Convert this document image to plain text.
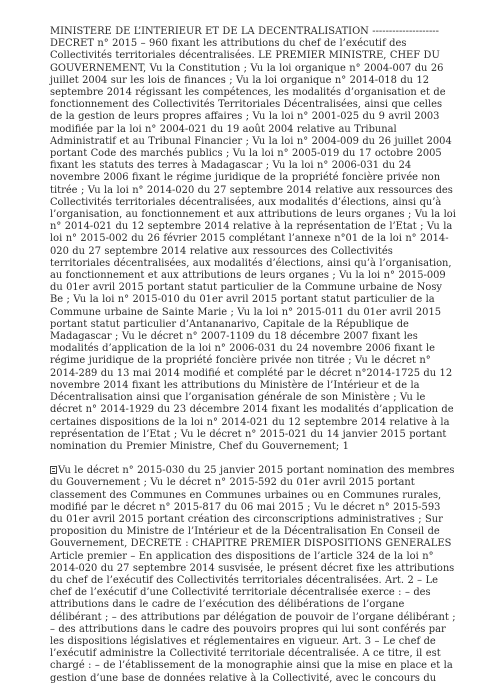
MINISTERE DE L’INTERIEUR ET DE LA DECENTRALISATION -------------------- DECRET n° 2015 – 960 fixant les attributions du chef de l’exécutif des Collectivités territoriales décentralisées. LE PREMIER MINISTRE, CHEF DU GOUVERNEMENT, Vu la Constitution ; Vu la loi organique n° 2004-007 du 26 juillet 2004 sur les lois de finances ; Vu la loi organique n° 2014-018 du 12 septembre 2014 régissant les compétences, les modalités d’organisation et de fonctionnement des Collectivités Territoriales Décentralisées, ainsi que celles de la gestion de leurs propres affaires ; Vu la loi n° 2001-025 du 9 avril 2003 modifiée par la loi n° 2004-021 du 19 août 2004 relative au Tribunal Administratif et au Tribunal Financier ; Vu la loi n° 2004-009 du 26 juillet 2004 portant Code des marchés publics ; Vu la loi n° 2005-019 du 17 octobre 2005 fixant les statuts des terres à Madagascar ; Vu la loi n° 2006-031 du 24 novembre 2006 fixant le régime juridique de la propriété foncière privée non titrée ; Vu la loi n° 2014-020 du 27 septembre 2014 relative aux ressources des Collectivités territoriales décentralisées, aux modalités d’élections, ainsi qu’à l’organisation, au fonctionnement et aux attributions de leurs organes ; Vu la loi n° 2014-021 du 12 septembre 2014 relative à la représentation de l’Etat ; Vu la loi n° 2015-002 du 26 février 2015 complétant l’annexe n°01 de la loi n° 2014-020 du 27 septembre 2014 relative aux ressources des Collectivités territoriales décentralisées, aux modalités d’élections, ainsi qu’à l’organisation, au fonctionnement et aux attributions de leurs organes ; Vu la loi n° 2015-009 du 01er avril 2015 portant statut particulier de la Commune urbaine de Nosy Be ; Vu la loi n° 2015-010 du 01er avril 2015 portant statut particulier de la Commune urbaine de Sainte Marie ; Vu la loi n° 2015-011 du 01er avril 2015 portant statut particulier d’Antananarivo, Capitale de la République de Madagascar ; Vu le décret n° 2007-1109 du 18 décembre 2007 fixant les modalités d’application de la loi n° 2006-031 du 24 novembre 2006 fixant le régime juridique de la propriété foncière privée non titrée ; Vu le décret n° 2014-289 du 13 mai 2014 modifié et complété par le décret n°2014-1725 du 12 novembre 2014 fixant les attributions du Ministère de l’Intérieur et de la Décentralisation ainsi que l’organisation générale de son Ministère ; Vu le décret n° 2014-1929 du 23 décembre 2014 fixant les modalités d’application de certaines dispositions de la loi n° 2014-021 du 12 septembre 2014 relative à la représentation de l’Etat ; Vu le décret n° 2015-021 du 14 janvier 2015 portant nomination du Premier Ministre, Chef du Gouvernement; 1

Vu le décret n° 2015-030 du 25 janvier 2015 portant nomination des membres du Gouvernement ; Vu le décret n° 2015-592 du 01er avril 2015 portant classement des Communes en Communes urbaines ou en Communes rurales, modifié par le décret n° 2015-817 du 06 mai 2015 ; Vu le décret n° 2015-593 du 01er avril 2015 portant création des circonscriptions administratives ; Sur proposition du Ministre de l’Intérieur et de la Décentralisation En Conseil de Gouvernement, DECRETE : CHAPITRE PREMIER DISPOSITIONS GENERALES Article premier – En application des dispositions de l’article 324 de la loi n° 2014-020 du 27 septembre 2014 susvisée, le présent décret fixe les attributions du chef de l’exécutif des Collectivités territoriales décentralisées. Art. 2 – Le chef de l’exécutif d’une Collectivité territoriale décentralisée exerce : – des attributions dans le cadre de l’exécution des délibérations de l’organe délibérant ; – des attributions par délégation de pouvoir de l’organe délibérant ; – des attributions dans le cadre des pouvoirs propres qui lui sont conférés par les dispositions législatives et réglementaires en vigueur. Art. 3 – Le chef de l’exécutif administre la Collectivité territoriale décentralisée. A ce titre, il est chargé : – de l’établissement de la monographie ainsi que la mise en place et la gestion d’une base de données relative à la Collectivité, avec le concours du
